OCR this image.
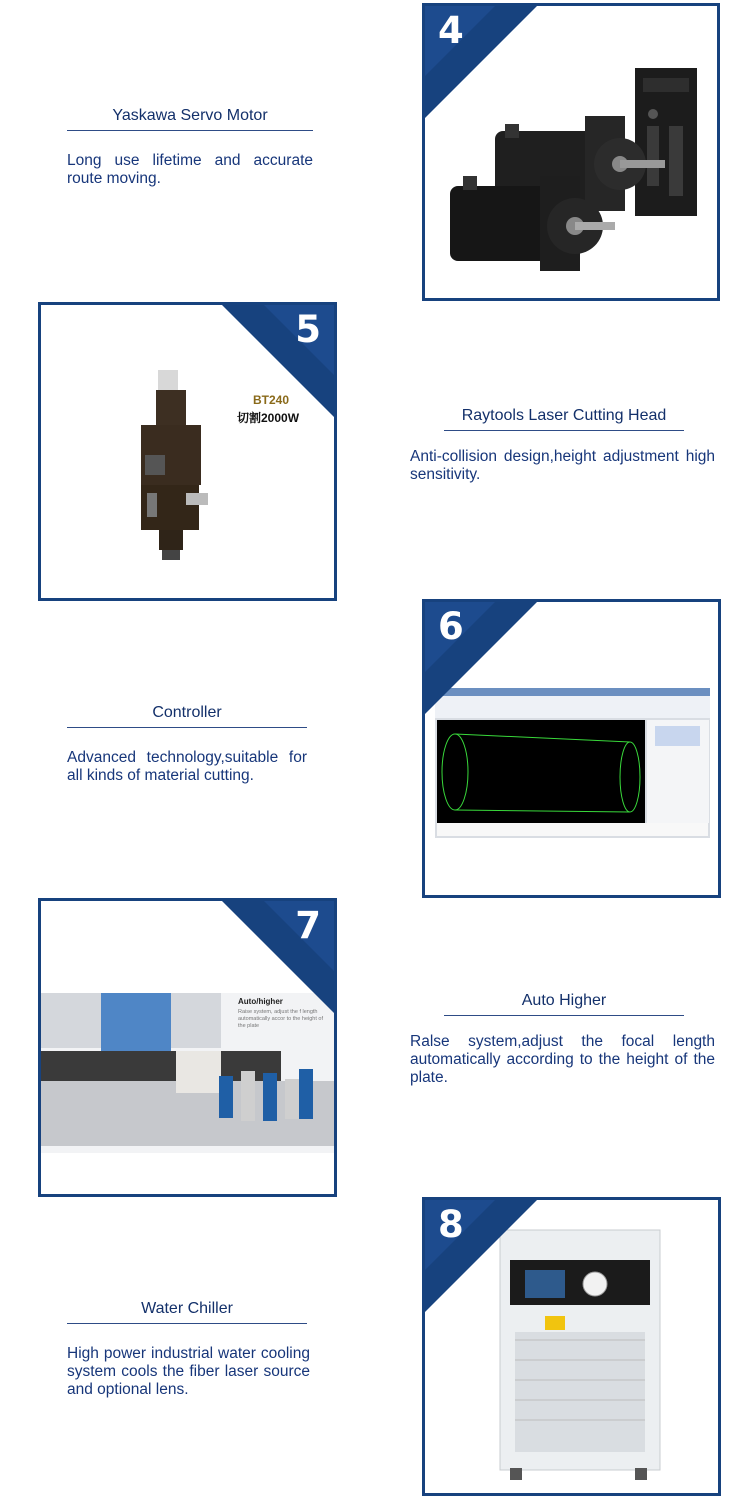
Yaskawa Servo Motor
Long use lifetime and accurate route moving.
4
BT240
切割2000W
5
Raytools Laser Cutting Head
Anti-collision design,height adjustment high sensitivity.
Controller
Advanced technology,suitable for all kinds of material cutting.
6
Auto/higher
Raise system, adjust the f length automatically accor to the height of the plate
7
Auto Higher
Ralse system,adjust the focal length automatically according to the height of the plate.
Water Chiller
High power industrial water cooling system cools the fiber laser source and optional lens.
8
